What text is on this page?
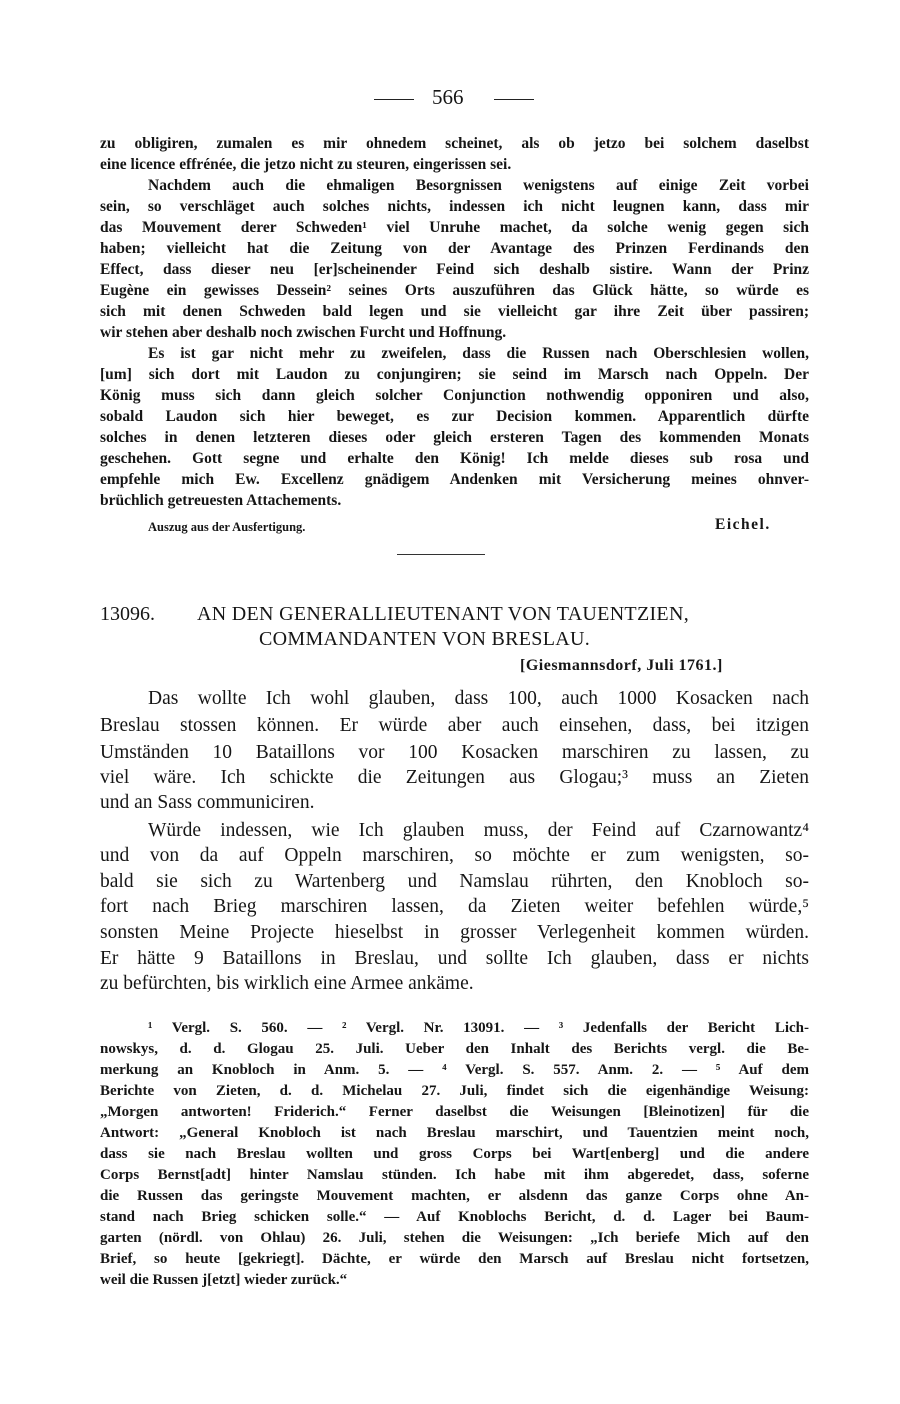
566
zu obligiren, zumalen es mir ohnedem scheinet, als ob jetzo bei solchem daselbst
eine licence effrénée, die jetzo nicht zu steuren, eingerissen sei.
Nachdem auch die ehmaligen Besorgnissen wenigstens auf einige Zeit vorbei
sein, so verschläget auch solches nichts, indessen ich nicht leugnen kann, dass mir
das Mouvement derer Schweden¹ viel Unruhe machet, da solche wenig gegen sich
haben; vielleicht hat die Zeitung von der Avantage des Prinzen Ferdinands den
Effect, dass dieser neu [er]scheinender Feind sich deshalb sistire. Wann der Prinz
Eugène ein gewisses Dessein² seines Orts auszuführen das Glück hätte, so würde es
sich mit denen Schweden bald legen und sie vielleicht gar ihre Zeit über passiren;
wir stehen aber deshalb noch zwischen Furcht und Hoffnung.
Es ist gar nicht mehr zu zweifelen, dass die Russen nach Oberschlesien wollen,
[um] sich dort mit Laudon zu conjungiren; sie seind im Marsch nach Oppeln. Der
König muss sich dann gleich solcher Conjunction nothwendig opponiren und also,
sobald Laudon sich hier beweget, es zur Decision kommen. Apparentlich dürfte
solches in denen letzteren dieses oder gleich ersteren Tagen des kommenden Monats
geschehen. Gott segne und erhalte den König! Ich melde dieses sub rosa und
empfehle mich Ew. Excellenz gnädigem Andenken mit Versicherung meines ohnver-
brüchlich getreuesten Attachements.
Auszug aus der Ausfertigung.	Eichel.
13096. AN DEN GENERALLIEUTENANT VON TAUENTZIEN,
COMMANDANTEN VON BRESLAU.
[Giesmannsdorf, Juli 1761.]
Das wollte Ich wohl glauben, dass 100, auch 1000 Kosacken nach
Breslau stossen können. Er würde aber auch einsehen, dass, bei itzigen
Umständen 10 Bataillons vor 100 Kosacken marschiren zu lassen, zu
viel wäre. Ich schickte die Zeitungen aus Glogau;³ muss an Zieten
und an Sass communiciren.
Würde indessen, wie Ich glauben muss, der Feind auf Czarnowantz⁴
und von da auf Oppeln marschiren, so möchte er zum wenigsten, so-
bald sie sich zu Wartenberg und Namslau rührten, den Knobloch so-
fort nach Brieg marschiren lassen, da Zieten weiter befehlen würde,⁵
sonsten Meine Projecte hieselbst in grosser Verlegenheit kommen würden.
Er hätte 9 Bataillons in Breslau, und sollte Ich glauben, dass er nichts
zu befürchten, bis wirklich eine Armee ankäme.
¹ Vergl. S. 560. — ² Vergl. Nr. 13091. — ³ Jedenfalls der Bericht Lich-
nowskys, d. d. Glogau 25. Juli. Ueber den Inhalt des Berichts vergl. die Be-
merkung an Knobloch in Anm. 5. — ⁴ Vergl. S. 557. Anm. 2. — ⁵ Auf dem
Berichte von Zieten, d. d. Michelau 27. Juli, findet sich die eigenhändige Weisung:
„Morgen antworten! Friderich.“ Ferner daselbst die Weisungen [Bleinotizen] für die
Antwort: „General Knobloch ist nach Breslau marschirt, und Tauentzien meint noch,
dass sie nach Breslau wollten und gross Corps bei Wart[enberg] und die andere
Corps Bernst[adt] hinter Namslau stünden. Ich habe mit ihm abgeredet, dass, soferne
die Russen das geringste Mouvement machten, er alsdenn das ganze Corps ohne An-
stand nach Brieg schicken solle.“ — Auf Knoblochs Bericht, d. d. Lager bei Baum-
garten (nördl. von Ohlau) 26. Juli, stehen die Weisungen: „Ich beriefe Mich auf den
Brief, so heute [gekriegt]. Dächte, er würde den Marsch auf Breslau nicht fortsetzen,
weil die Russen j[etzt] wieder zurück.“
